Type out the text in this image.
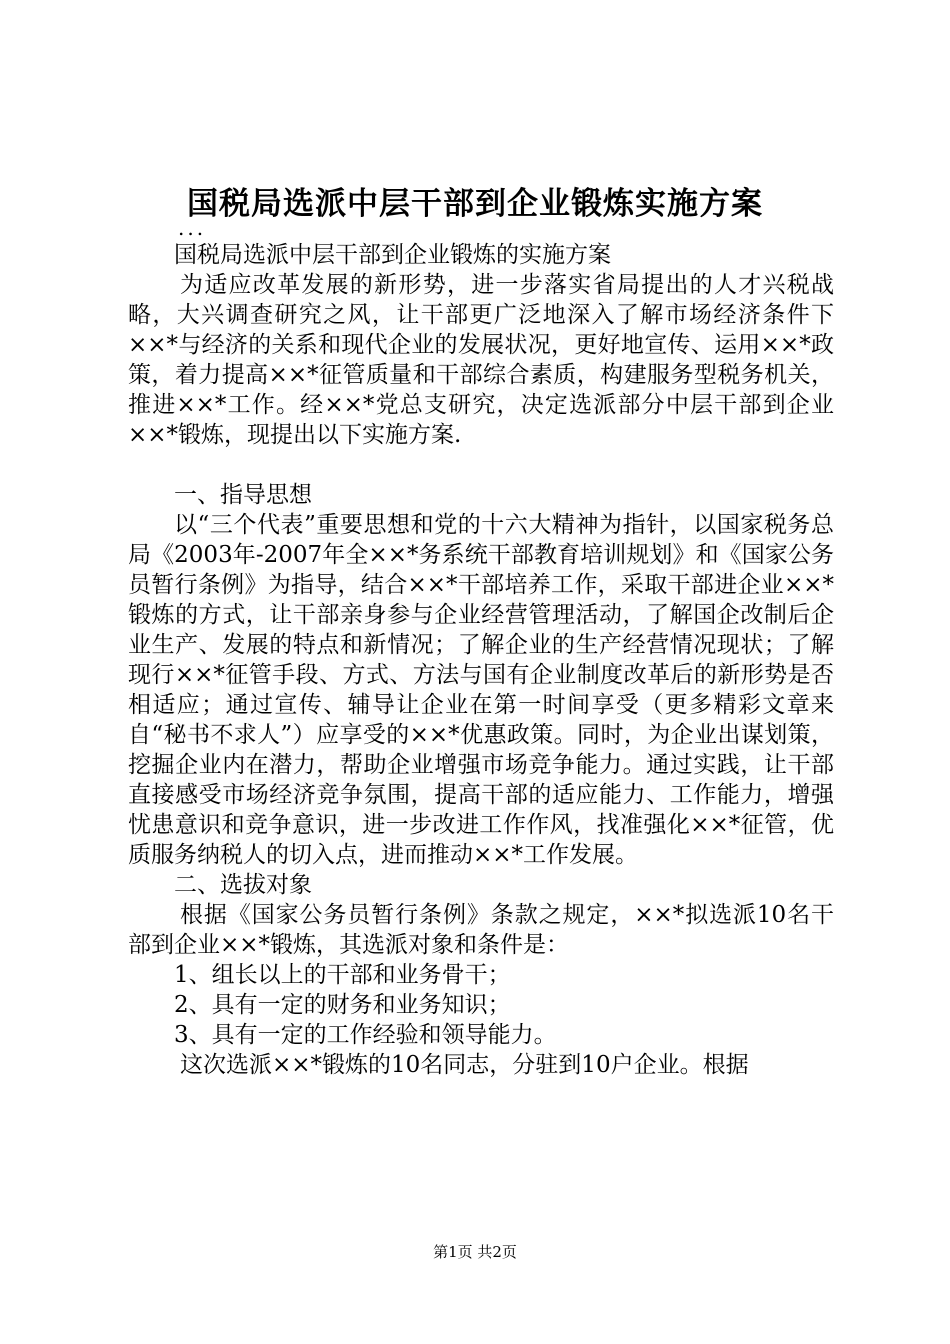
国税局选派中层干部到企业锻炼实施方案
...

国税局选派中层干部到企业锻炼的实施方案

为适应改革发展的新形势，进一步落实省局提出的人才兴税战略，大兴调查研究之风，让干部更广泛地深入了解市场经济条件下××*与经济的关系和现代企业的发展状况，更好地宣传、运用××*政策，着力提高××*征管质量和干部综合素质，构建服务型税务机关，推进××*工作。经××*党总支研究，决定选派部分中层干部到企业××*锻炼，现提出以下实施方案.

一、指导思想

以“三个代表”重要思想和党的十六大精神为指针，以国家税务总局《2003年-2007年全××*务系统干部教育培训规划》和《国家公务员暂行条例》为指导，结合××*干部培养工作，采取干部进企业××*锻炼的方式，让干部亲身参与企业经营管理活动，了解国企改制后企业生产、发展的特点和新情况；了解企业的生产经营情况现状；了解现行××*征管手段、方式、方法与国有企业制度改革后的新形势是否相适应；通过宣传、辅导让企业在第一时间享受（更多精彩文章来自“秘书不求人”）应享受的××*优惠政策。同时，为企业出谋划策，挖掘企业内在潜力，帮助企业增强市场竞争能力。通过实践，让干部直接感受市场经济竞争氛围，提高干部的适应能力、工作能力，增强忧患意识和竞争意识，进一步改进工作作风，找准强化××*征管，优质服务纳税人的切入点，进而推动××*工作发展。

二、选拔对象

根据《国家公务员暂行条例》条款之规定，××*拟选派10名干部到企业××*锻炼，其选派对象和条件是：

1、组长以上的干部和业务骨干；

2、具有一定的财务和业务知识；

3、具有一定的工作经验和领导能力。

这次选派××*锻炼的10名同志，分驻到10户企业。根据

第1页 共2页
